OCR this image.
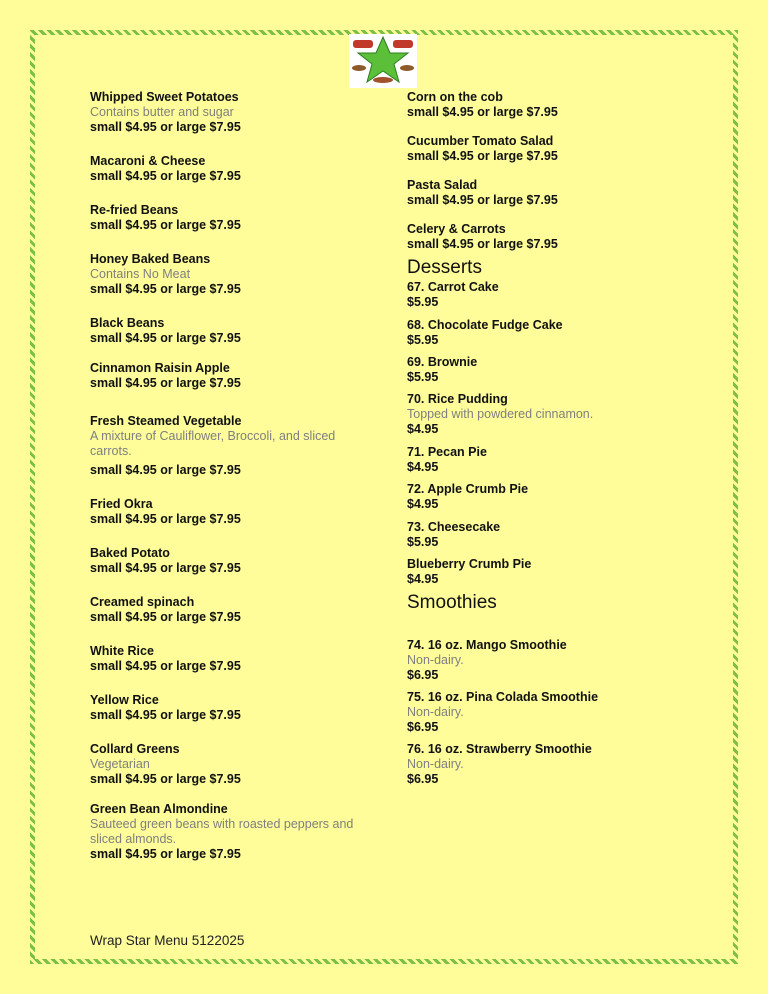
Whipped Sweet Potatoes
Contains butter and sugar
small $4.95 or large $7.95
Macaroni & Cheese
small $4.95 or large $7.95
Re-fried Beans
small $4.95 or large $7.95
Honey Baked Beans
Contains No Meat
small $4.95 or large $7.95
Black Beans
small $4.95 or large $7.95
Cinnamon Raisin Apple
small $4.95 or large $7.95
Fresh Steamed Vegetable
A mixture of Cauliflower, Broccoli, and sliced carrots.
small $4.95 or large $7.95
Fried Okra
small $4.95 or large $7.95
Baked Potato
small $4.95 or large $7.95
Creamed spinach
small $4.95 or large $7.95
White Rice
small $4.95 or large $7.95
Yellow Rice
small $4.95 or large $7.95
Collard Greens
Vegetarian
small $4.95 or large $7.95
Green Bean Almondine
Sauteed green beans with roasted peppers and sliced almonds.
small $4.95 or large $7.95
Corn on the cob
small $4.95 or large $7.95
Cucumber Tomato Salad
small $4.95 or large $7.95
Pasta Salad
small $4.95 or large $7.95
Celery & Carrots
small $4.95 or large $7.95
Desserts
67. Carrot Cake
$5.95
68. Chocolate Fudge Cake
$5.95
69. Brownie
$5.95
70. Rice Pudding
Topped with powdered cinnamon.
$4.95
71. Pecan Pie
$4.95
72. Apple Crumb Pie
$4.95
73. Cheesecake
$5.95
Blueberry Crumb Pie
$4.95
Smoothies
74. 16 oz. Mango Smoothie
Non-dairy.
$6.95
75. 16 oz. Pina Colada Smoothie
Non-dairy.
$6.95
76. 16 oz. Strawberry Smoothie
Non-dairy.
$6.95
Wrap Star Menu 5122025
